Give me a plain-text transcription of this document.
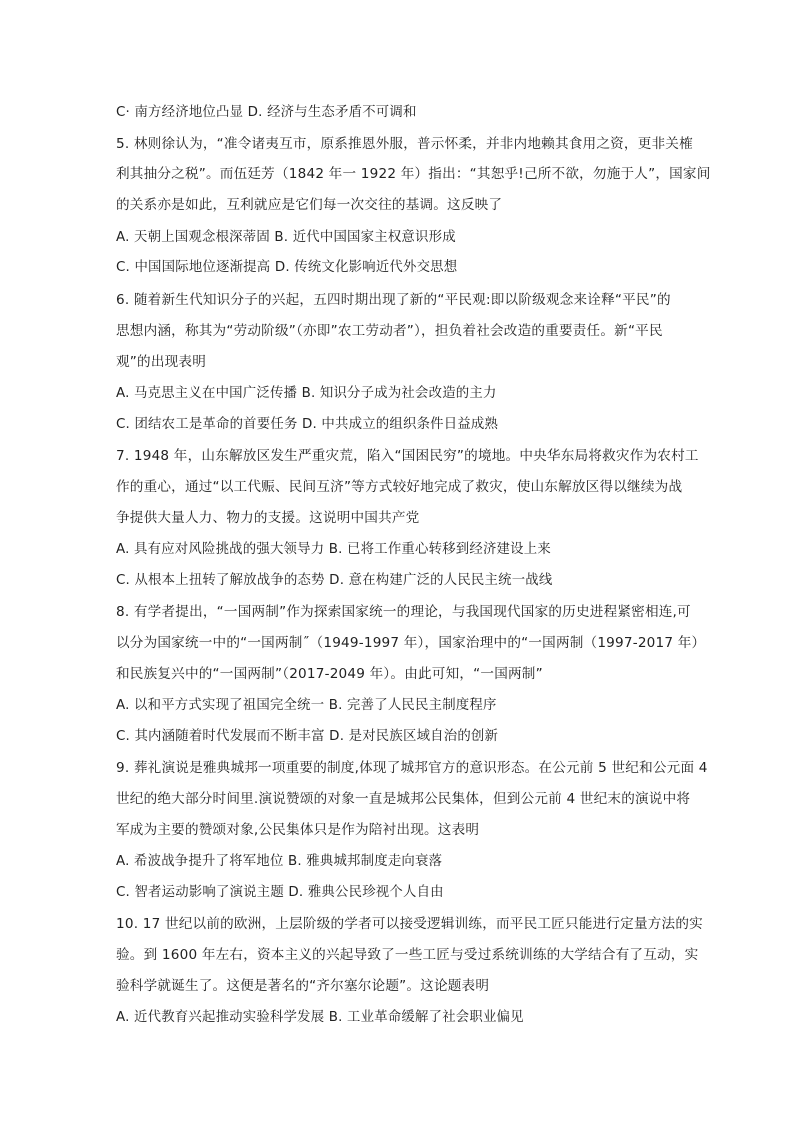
C· 南方经济地位凸显 D. 经济与生态矛盾不可调和
5. 林则徐认为，“准令诸夷互市，原系推恩外服，普示怀柔，并非内地赖其食用之资，更非关榷
利其抽分之税”。而伍廷芳（1842 年一 1922 年）指出：“其恕乎!己所不欲，勿施于人”，国家间
的关系亦是如此，互利就应是它们每一次交往的基调。这反映了
A. 天朝上国观念根深蒂固 B. 近代中国国家主权意识形成
C. 中国国际地位逐渐提高 D. 传统文化影响近代外交思想
6. 随着新生代知识分子的兴起，五四时期出现了新的“平民观:即以阶级观念来诠释“平民”的
思想内涵，称其为“劳动阶级”（亦即”农工劳动者”），担负着社会改造的重要责任。新“平民
观”的出现表明
A. 马克思主义在中国广泛传播 B. 知识分子成为社会改造的主力
C. 团结农工是革命的首要任务 D. 中共成立的组织条件日益成熟
7. 1948 年，山东解放区发生严重灾荒，陷入“国困民穷”的境地。中央华东局将救灾作为农村工
作的重心，通过“以工代赈、民间互济”等方式较好地完成了救灾，使山东解放区得以继续为战
争提供大量人力、物力的支援。这说明中国共产党
A. 具有应对风险挑战的强大领导力 B. 已将工作重心转移到经济建设上来
C. 从根本上扭转了解放战争的态势 D. 意在构建广泛的人民民主统一战线
8. 有学者提出，“一国两制”作为探索国家统一的理论，与我国现代国家的历史进程紧密相连,可
以分为国家统一中的“一国两制˝（1949-1997 年），国家治理中的“一国两制（1997-2017 年）
和民族复兴中的“一国两制”（2017-2049 年）。由此可知，“一国两制”
A. 以和平方式实现了祖国完全统一 B. 完善了人民民主制度程序
C. 其内涵随着时代发展而不断丰富 D. 是对民族区域自治的创新
9. 葬礼演说是雅典城邦一项重要的制度,体现了城邦官方的意识形态。在公元前 5 世纪和公元面 4
世纪的绝大部分时间里.演说赞颂的对象一直是城邦公民集体，但到公元前 4 世纪末的演说中将
军成为主要的赞颂对象,公民集体只是作为陪衬出现。这表明
A. 希波战争提升了将军地位 B. 雅典城邦制度走向衰落
C. 智者运动影响了演说主题 D. 雅典公民珍视个人自由
10. 17 世纪以前的欧洲，上层阶级的学者可以接受逻辑训练，而平民工匠只能进行定量方法的实
验。到 1600 年左右，资本主义的兴起导致了一些工匠与受过系统训练的大学结合有了互动，实
验科学就诞生了。这便是著名的“齐尔塞尔论题”。这论题表明
A. 近代教育兴起推动实验科学发展 B. 工业革命缓解了社会职业偏见
